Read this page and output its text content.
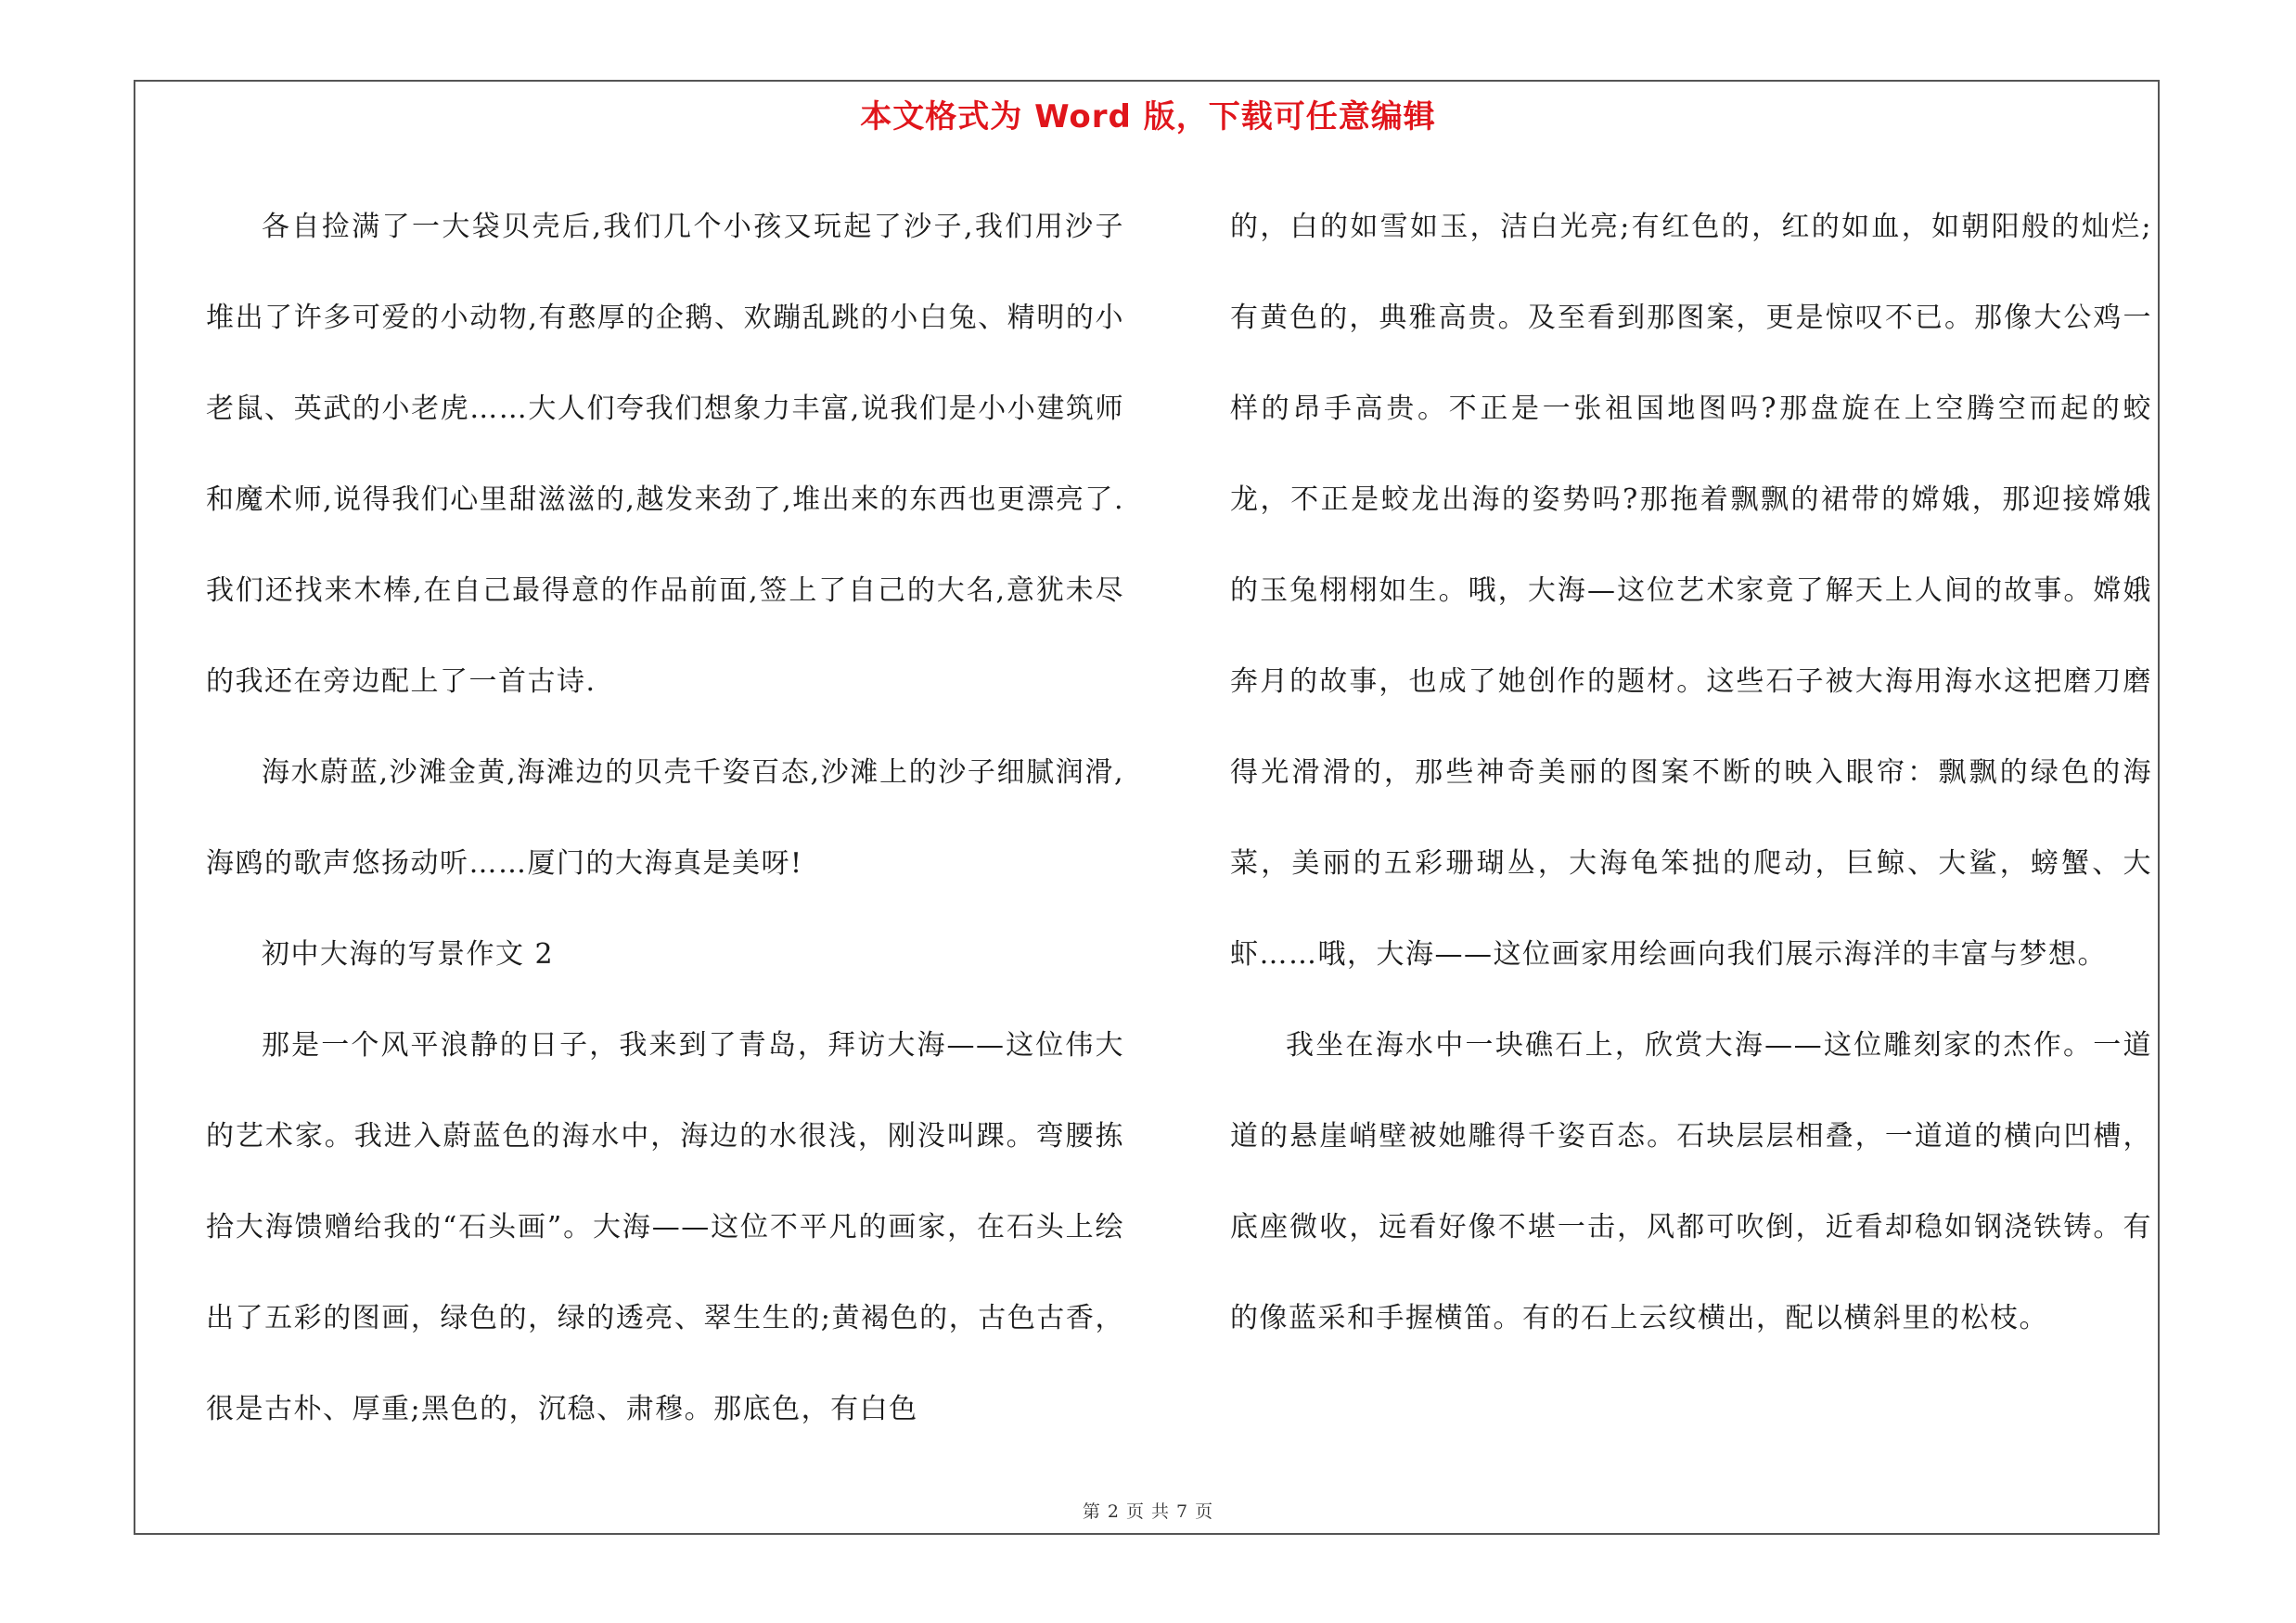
本文格式为 Word 版，下载可任意编辑

各自捡满了一大袋贝壳后,我们几个小孩又玩起了沙子,我们用沙子堆出了许多可爱的小动物,有憨厚的企鹅、欢蹦乱跳的小白兔、精明的小老鼠、英武的小老虎……大人们夸我们想象力丰富,说我们是小小建筑师和魔术师,说得我们心里甜滋滋的,越发来劲了,堆出来的东西也更漂亮了.我们还找来木棒,在自己最得意的作品前面,签上了自己的大名,意犹未尽的我还在旁边配上了一首古诗.

海水蔚蓝,沙滩金黄,海滩边的贝壳千姿百态,沙滩上的沙子细腻润滑,海鸥的歌声悠扬动听……厦门的大海真是美呀!

初中大海的写景作文 2

那是一个风平浪静的日子，我来到了青岛，拜访大海——这位伟大的艺术家。我进入蔚蓝色的海水中，海边的水很浅，刚没叫踝。弯腰拣拾大海馈赠给我的“石头画”。大海——这位不平凡的画家，在石头上绘出了五彩的图画，绿色的，绿的透亮、翠生生的;黄褐色的，古色古香，很是古朴、厚重;黑色的，沉稳、肃穆。那底色，有白色

的，白的如雪如玉，洁白光亮;有红色的，红的如血，如朝阳般的灿烂;有黄色的，典雅高贵。及至看到那图案，更是惊叹不已。那像大公鸡一样的昂手高贵。不正是一张祖国地图吗?那盘旋在上空腾空而起的蛟龙，不正是蛟龙出海的姿势吗?那拖着飘飘的裙带的嫦娥，那迎接嫦娥的玉兔栩栩如生。哦，大海—这位艺术家竟了解天上人间的故事。嫦娥奔月的故事，也成了她创作的题材。这些石子被大海用海水这把磨刀磨得光滑滑的，那些神奇美丽的图案不断的映入眼帘：飘飘的绿色的海菜，美丽的五彩珊瑚丛，大海龟笨拙的爬动，巨鲸、大鲨，螃蟹、大虾……哦，大海——这位画家用绘画向我们展示海洋的丰富与梦想。

我坐在海水中一块礁石上，欣赏大海——这位雕刻家的杰作。一道道的悬崖峭壁被她雕得千姿百态。石块层层相叠，一道道的横向凹槽，底座微收，远看好像不堪一击，风都可吹倒，近看却稳如钢浇铁铸。有的像蓝采和手握横笛。有的石上云纹横出，配以横斜里的松枝。

第 2 页 共 7 页
